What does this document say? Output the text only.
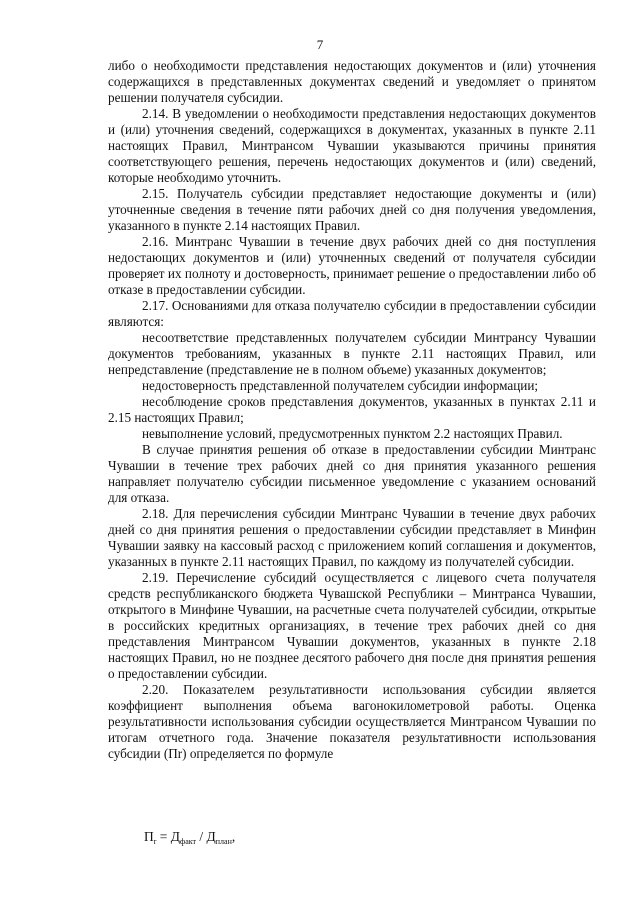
7

либо о необходимости представления недостающих документов и (или) уточнения содержащихся в представленных документах сведений и уведомляет о принятом решении получателя субсидии.

2.14. В уведомлении о необходимости представления недостающих документов и (или) уточнения сведений, содержащихся в документах, указанных в пункте 2.11 настоящих Правил, Минтрансом Чувашии указываются причины принятия соответствующего решения, перечень недостающих документов и (или) сведений, которые необходимо уточнить.

2.15. Получатель субсидии представляет недостающие документы и (или) уточненные сведения в течение пяти рабочих дней со дня получения уведомления, указанного в пункте 2.14 настоящих Правил.

2.16. Минтранс Чувашии в течение двух рабочих дней со дня поступления недостающих документов и (или) уточненных сведений от получателя субсидии проверяет их полноту и достоверность, принимает решение о предоставлении либо об отказе в предоставлении субсидии.

2.17. Основаниями для отказа получателю субсидии в предоставлении субсидии являются:

несоответствие представленных получателем субсидии Минтрансу Чувашии документов требованиям, указанных в пункте 2.11 настоящих Правил, или непредставление (представление не в полном объеме) указанных документов;

недостоверность представленной получателем субсидии информации;

несоблюдение сроков представления документов, указанных в пунктах 2.11 и 2.15 настоящих Правил;

невыполнение условий, предусмотренных пунктом 2.2 настоящих Правил.

В случае принятия решения об отказе в предоставлении субсидии Минтранс Чувашии в течение трех рабочих дней со дня принятия указанного решения направляет получателю субсидии письменное уведомление с указанием оснований для отказа.

2.18. Для перечисления субсидии Минтранс Чувашии в течение двух рабочих дней со дня принятия решения о предоставлении субсидии представляет в Минфин Чувашии заявку на кассовый расход с приложением копий соглашения и документов, указанных в пункте 2.11 настоящих Правил, по каждому из получателей субсидии.

2.19. Перечисление субсидий осуществляется с лицевого счета получателя средств республиканского бюджета Чувашской Республики – Минтранса Чувашии, открытого в Минфине Чувашии, на расчетные счета получателей субсидии, открытые в российских кредитных организациях, в течение трех рабочих дней со дня представления Минтрансом Чувашии документов, указанных в пункте 2.18 настоящих Правил, но не позднее десятого рабочего дня после дня принятия решения о предоставлении субсидии.

2.20. Показателем результативности использования субсидии является коэффициент выполнения объема вагонокилометровой работы. Оценка результативности использования субсидии осуществляется Минтрансом Чувашии по итогам отчетного года. Значение показателя результативности использования субсидии (Пr) определяется по формуле

$П_r = Д_{факт} / Д_{план}$,
